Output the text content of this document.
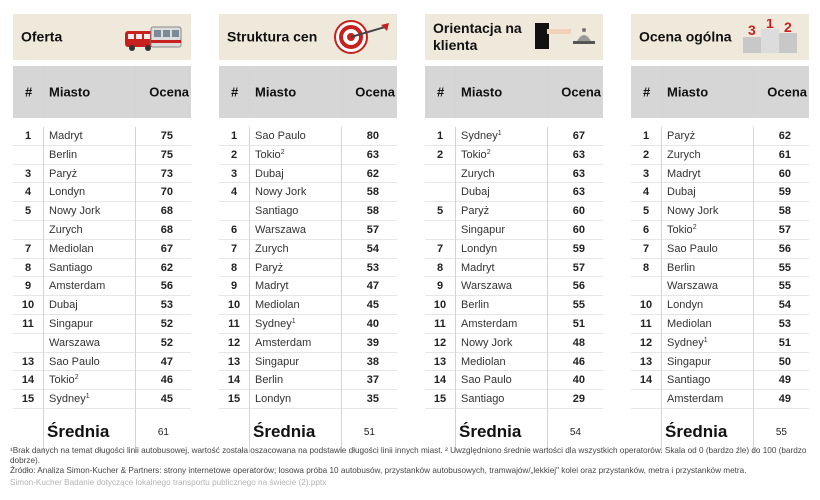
Oferta
# Miasto	Ocena
1	Madryt	75
Berlin	75
3	Paryż	73
4	Londyn	70
5	Nowy Jork	68
Zurych	68
7	Mediolan	67
8	Santiago	62
9	Amsterdam	56
10	Dubaj	53
11	Singapur	52
Warszawa	52
13	Sao Paulo	47
14	Tokio$^2$	46
15	Sydney$^1$	45
Średnia	61
Struktura cen
# Miasto	Ocena
1	Sao Paulo	80
2	Tokio$^2$	63
3	Dubaj	62
4	Nowy Jork	58
Santiago	58
6	Warszawa	57
7	Zurych	54
8	Paryż	53
9	Madryt	47
10	Mediolan	45
11	Sydney$^1$	40
12	Amsterdam	39
13	Singapur	38
14	Berlin	37
15	Londyn	35
Średnia	51
Orientacja na klienta
# Miasto	Ocena
1	Sydney$^1$	67
2	Tokio$^2$	63
Zurych	63
Dubaj	63
5	Paryż	60
Singapur	60
7	Londyn	59
8	Madryt	57
9	Warszawa	56
10	Berlin	55
11	Amsterdam	51
12	Nowy Jork	48
13	Mediolan	46
14	Sao Paulo	40
15	Santiago	29
Średnia	54
Ocena ogólna	3 1 2
# Miasto	Ocena
1	Paryż	62
2	Zurych	61
3	Madryt	60
4	Dubaj	59
5	Nowy Jork	58
6	Tokio$^2$	57
7	Sao Paulo	56
8	Berlin	55
Warszawa	55
10	Londyn	54
11	Mediolan	53
12	Sydney$^1$	51
13	Singapur	50
14	Santiago	49
Amsterdam	49
Średnia	55
¹Brak danych na temat długości linii autobusowej, wartość została oszacowana na podstawie długości linii innych miast. ² Uwzględniono średnie wartości dla wszystkich operatorów. Skala od 0 (bardzo źle) do 100 (bardzo dobrze).
Źródło: Analiza Simon-Kucher & Partners: strony internetowe operatorów; losowa próba 10 autobusów, przystanków autobusowych, tramwajów/„lekkiej" kolei oraz przystanków, metra i przystanków metra.
Simon-Kucher Badanie dotyczące lokalnego transportu publicznego na świecie (2).pptx
